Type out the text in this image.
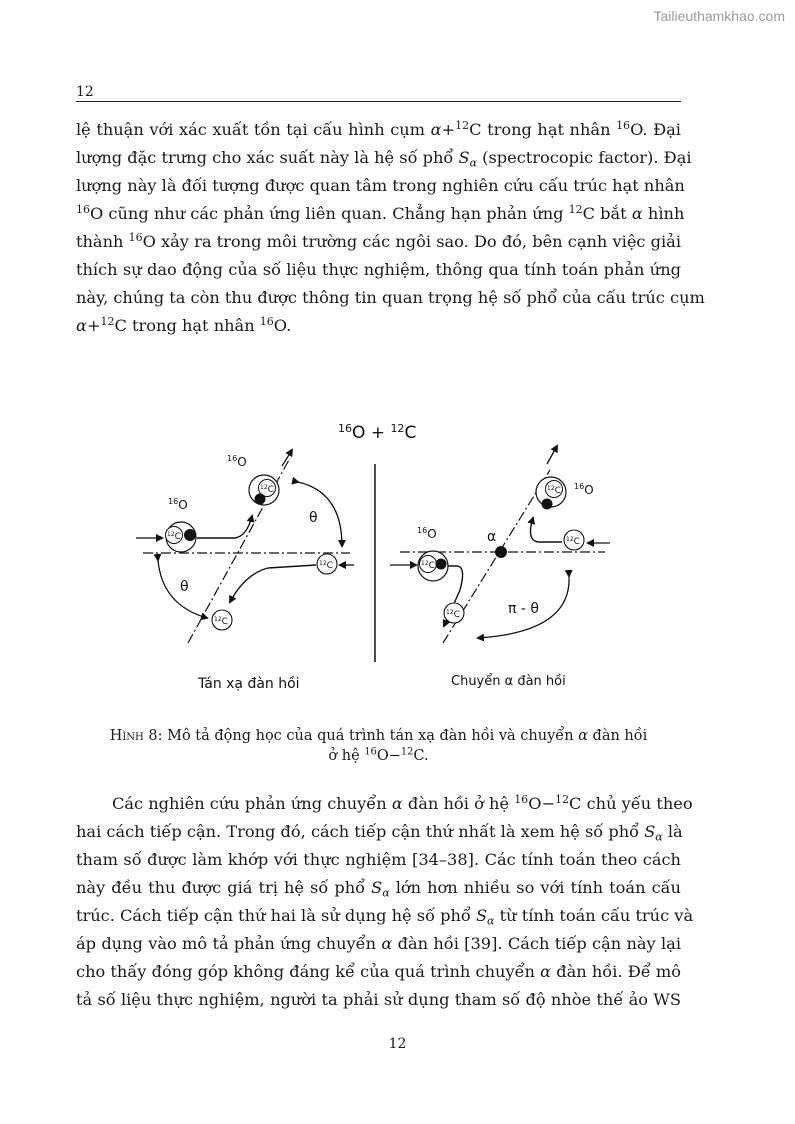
Tailieuthamkhao.com
12
lệ thuận với xác xuất tồn tại cấu hình cụm α+$^{12}$C trong hạt nhân $^{16}$O. Đại
lượng đặc trưng cho xác suất này là hệ số phổ $S_\alpha$ (spectrocopic factor). Đại
lượng này là đối tượng được quan tâm trong nghiên cứu cấu trúc hạt nhân
$^{16}$O cũng như các phản ứng liên quan. Chẳng hạn phản ứng $^{12}$C bắt α hình
thành $^{16}$O xảy ra trong môi trường các ngôi sao. Do đó, bên cạnh việc giải
thích sự dao động của số liệu thực nghiệm, thông qua tính toán phản ứng
này, chúng ta còn thu được thông tin quan trọng hệ số phổ của cấu trúc cụm
α+$^{12}$C trong hạt nhân $^{16}$O.
$^{16}$O + $^{12}$C
$^{12}$C
$^{16}$O
$^{12}$C
$^{16}$O
$^{12}$C
$^{12}$C
θ
θ
Tán xạ đàn hồi
$^{12}$C
$^{16}$O
$^{12}$C
α	$^{12}$C
$^{12}$C $^{16}$O
π - θ
Chuyển α đàn hồi
Hình 8: Mô tả động học của quá trình tán xạ đàn hồi và chuyển α đàn hồi
ở hệ $^{16}$O−$^{12}$C.
Các nghiên cứu phản ứng chuyển α đàn hồi ở hệ $^{16}$O−$^{12}$C chủ yếu theo
hai cách tiếp cận. Trong đó, cách tiếp cận thứ nhất là xem hệ số phổ $S_\alpha$ là
tham số được làm khớp với thực nghiệm [34–38]. Các tính toán theo cách
này đều thu được giá trị hệ số phổ $S_\alpha$ lớn hơn nhiều so với tính toán cấu
trúc. Cách tiếp cận thứ hai là sử dụng hệ số phổ $S_\alpha$ từ tính toán cấu trúc và
áp dụng vào mô tả phản ứng chuyển α đàn hồi [39]. Cách tiếp cận này lại
cho thấy đóng góp không đáng kể của quá trình chuyển α đàn hồi. Để mô
tả số liệu thực nghiệm, người ta phải sử dụng tham số độ nhòe thế ảo WS
12
